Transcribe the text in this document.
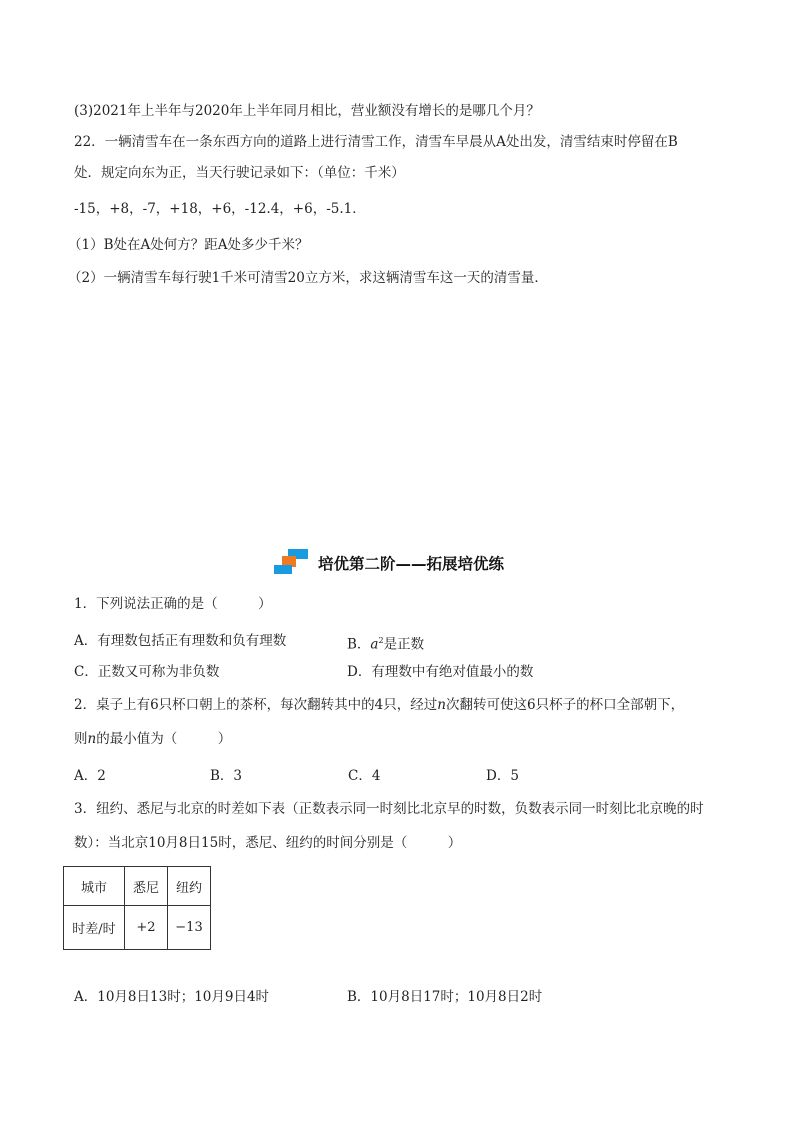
(3)2021年上半年与2020年上半年同月相比，营业额没有增长的是哪几个月？
22．一辆清雪车在一条东西方向的道路上进行清雪工作，清雪车早晨从A处出发，清雪结束时停留在B
处．规定向东为正，当天行驶记录如下：（单位：千米）
-15，+8，-7，+18，+6，-12.4，+6，-5.1．
（1）B处在A处何方？距A处多少千米？
（2）一辆清雪车每行驶1千米可清雪20立方米，求这辆清雪车这一天的清雪量．
培优第二阶——拓展培优练
1．下列说法正确的是（　　　）
A．有理数包括正有理数和负有理数	B．$a^2$是正数
C．正数又可称为非负数	D．有理数中有绝对值最小的数
2．桌子上有6只杯口朝上的茶杯，每次翻转其中的4只，经过n次翻转可使这6只杯子的杯口全部朝下，
则n的最小值为（　　　）
A．2	B．3	C．4	D．5
3．纽约、悉尼与北京的时差如下表（正数表示同一时刻比北京早的时数，负数表示同一时刻比北京晚的时
数）：当北京10月8日15时，悉尼、纽约的时间分别是（　　　）
城市	悉尼	纽约
时差/时	+2	−13
A．10月8日13时；10月9日4时	B．10月8日17时；10月8日2时
